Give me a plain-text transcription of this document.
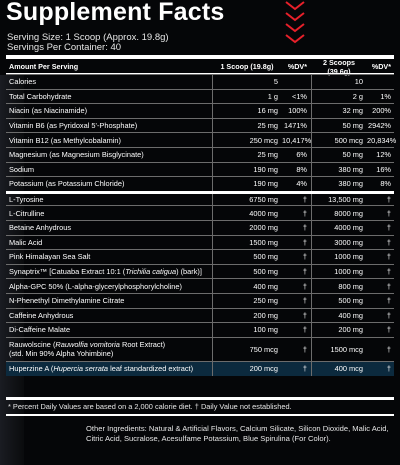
Supplement Facts
Serving Size: 1 Scoop (Approx. 19.8g)
Servings Per Container: 40
Amount Per Serving	1 Scoop (19.8g)	%DV*	2 Scoops (39.6g)	%DV*
Calories	5	10
Total Carbohydrate	1 g	<1%	2 g	1%
Niacin (as Niacinamide)	16 mg	100%	32 mg	200%
Vitamin B6 (as Pyridoxal 5'-Phosphate)	25 mg 1471%	50 mg 2942%
Vitamin B12 (as Methylcobalamin)	250 mcg 10,417%	500 mcg 20,834%
Magnesium (as Magnesium Bisglycinate)	25 mg	6%	50 mg	12%
Sodium	190 mg	8%	380 mg	16%
Potassium (as Potassium Chloride)	190 mg	4%	380 mg	8%
L-Tyrosine	6750 mg	†	13,500 mg	†
L-Citrulline	4000 mg	†	8000 mg	†
Betaine Anhydrous	2000 mg	†	4000 mg	†
Malic Acid	1500 mg	†	3000 mg	†
Pink Himalayan Sea Salt	500 mg	†	1000 mg	†
Synaptrix™ [Catuaba Extract 10:1 (Trichilia catigua) (bark)]	500 mg	†	1000 mg	†
Alpha-GPC 50% (L-alpha-glycerylphosphorylcholine)	400 mg	†	800 mg	†
N-Phenethyl Dimethylamine Citrate	250 mg	†	500 mg	†
Caffeine Anhydrous	200 mg	†	400 mg	†
Di-Caffeine Malate	100 mg	†	200 mg	†
Rauwolscine (Rauwolfia vomitoria Root Extract)
(std. Min 90% Alpha Yohimbine)	750 mcg	†	1500 mcg	†
Huperzine A (Hupercia serrata leaf standardized extract)	200 mcg	†	400 mcg	†
* Percent Daily Values are based on a 2,000 calorie diet. † Daily Value not established.
Other Ingredients: Natural & Artificial Flavors, Calcium Silicate, Silicon Dioxide, Malic Acid, Citric Acid, Sucralose, Acesulfame Potassium, Blue Spirulina (For Color).
